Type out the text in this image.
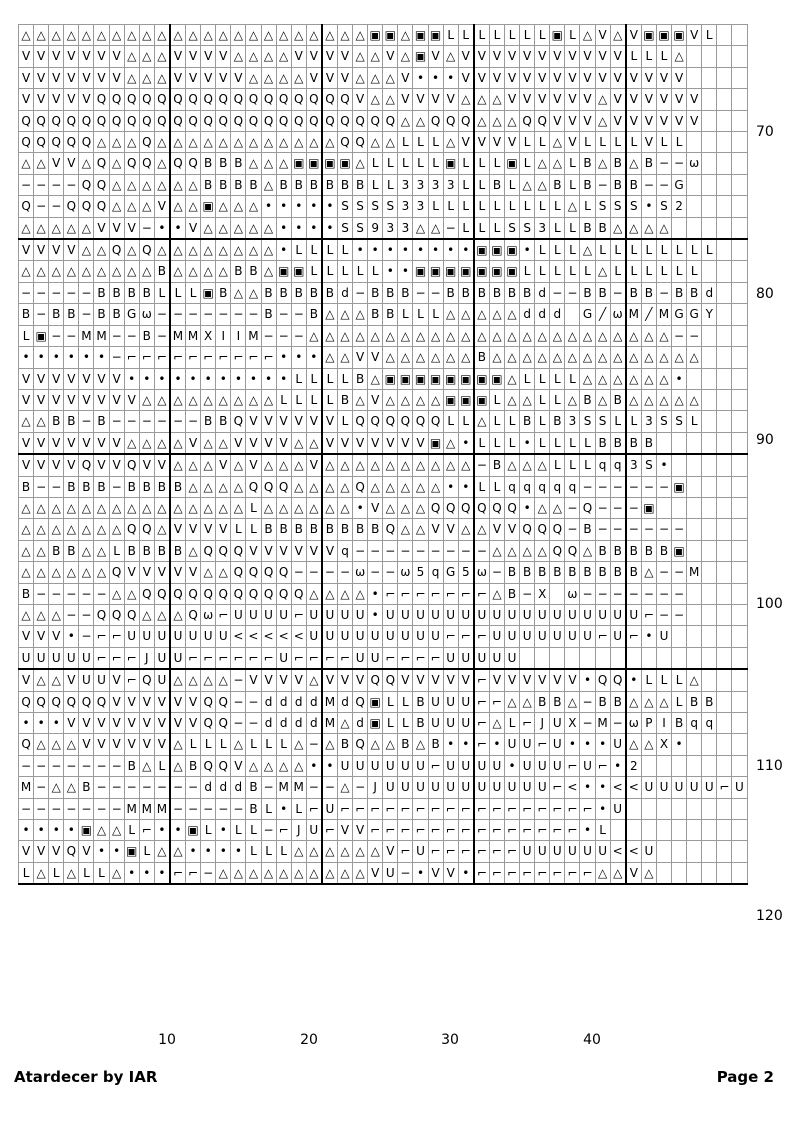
△	△	△	△	△	△	△	△	△	△	△	△	△	△	△	△	△	△	△	△	△	△	△	▣	▣	△	▣	▣	L	L	L	L	L	L	L	▣	L	△	V	△	V	▣	▣	▣	V	L		
V	V	V	V	V	V	V	△	△	△	V	V	V	V	△	△	△	△	V	V	V	V	△	△	V	△	▣	V	△	V	V	V	V	V	V	V	V	V	V	V	L	L	L	△				
V	V	V	V	V	V	V	△	△	△	V	V	V	V	V	△	△	△	△	V	V	V	△	△	△	V	•	•	•	V	V	V	V	V	V	V	V	V	V	V	V	V	V	V				
V	V	V	V	V	Q	Q	Q	Q	Q	Q	Q	Q	Q	Q	Q	Q	Q	Q	Q	Q	Q	V	△	△	V	V	V	V	△	△	△	V	V	V	V	V	V	△	V	V	V	V	V	V			
Q	Q	Q	Q	Q	Q	Q	Q	Q	Q	Q	Q	Q	Q	Q	Q	Q	Q	Q	Q	Q	Q	Q	Q	Q	△	△	Q	Q	Q	△	△	△	Q	Q	V	V	V	△	V	V	V	V	V	V			
Q	Q	Q	Q	Q	△	△	△	Q	△	△	△	△	△	△	△	△	△	△	△	△	Q	Q	△	△	L	L	L	△	V	V	V	V	L	L	△	V	L	L	L	L	V	L	L				
△	△	V	V	△	Q	△	Q	Q	△	Q	Q	B	B	B	△	△	△	▣	▣	▣	▣	△	L	L	L	L	L	▣	L	L	L	▣	L	△	△	L	B	△	B	△	B	−	−	ω			
−	−	−	−	Q	Q	△	△	△	△	△	△	B	B	B	B	△	B	B	B	B	B	B	L	L	3	3	3	3	L	L	B	L	△	△	B	L	B	−	B	B	−	−	G				
Q	−	−	Q	Q	Q	△	△	△	V	△	△	▣	△	△	△	•	•	•	•	•	S	S	S	S	3	3	L	L	L	L	L	L	L	L	L	△	L	S	S	S	•	S	2				
△	△	△	△	△	V	V	V	−	•	•	V	△	△	△	△	△	•	•	•	•	S	S	9	3	3	△	△	−	L	L	L	S	S	3	L	L	B	B	△	△	△	△					
V	V	V	V	△	△	Q	△	Q	△	△	△	△	△	△	△	△	•	L	L	L	L	•	•	•	•	•	•	•	•	▣	▣	▣	•	L	L	L	△	L	L	L	L	L	L	L	L		
△	△	△	△	△	△	△	△	△	B	△	△	△	△	B	B	△	▣	▣	L	L	L	L	L	•	•	▣	▣	▣	▣	▣	▣	▣	L	L	L	L	L	△	L	L	L	L	L	L			
−	−	−	−	−	B	B	B	B	L	L	L	▣	B	△	△	B	B	B	B	B	d	−	B	B	B	−	−	B	B	B	B	B	B	d	−	−	B	B	−	B	B	−	B	B	d		
B	−	B	B	−	B	B	G	ω	−	−	−	−	−	−	−	B	−	−	B	△	△	△	B	B	L	L	L	△	△	△	△	△	d	d	d		G	╱	ω	M	╱	M	G	G	Y		
L	▣	−	−	M	M	−	−	B	−	M	M	X	I	I	M	−	−	−	△	△	△	△	△	△	△	△	△	△	△	△	△	△	△	△	△	△	△	△	△	△	△	△	−	−			
•	•	•	•	•	•	−	⌐	⌐	⌐	⌐	⌐	⌐	⌐	⌐	⌐	⌐	•	•	•	△	△	V	V	△	△	△	△	△	△	B	△	△	△	△	△	△	△	△	△	△	△	△	△	△			
V	V	V	V	V	V	V	•	•	•	•	•	•	•	•	•	•	•	L	L	L	L	B	△	▣	▣	▣	▣	▣	▣	▣	▣	△	L	L	L	L	△	△	△	△	△	△	•				
V	V	V	V	V	V	V	V	△	△	△	△	△	△	△	△	△	L	L	L	L	B	△	V	△	△	△	△	▣	▣	▣	L	△	△	L	L	△	B	△	B	△	△	△	△	△			
△	△	B	B	−	B	−	−	−	−	−	−	B	B	Q	V	V	V	V	V	V	L	Q	Q	Q	Q	Q	Q	L	L	△	L	L	B	L	B	3	S	S	L	L	3	S	S	L			
V	V	V	V	V	V	V	△	△	△	△	V	△	△	V	V	V	V	△	△	V	V	V	V	V	V	V	▣	△	•	L	L	L	•	L	L	L	L	B	B	B	B						
V	V	V	V	Q	V	V	Q	V	V	△	△	△	V	△	V	△	△	△	V	△	△	△	△	△	△	△	△	△	△	−	B	△	△	△	L	L	L	q	q	3	S	•					
B	−	−	B	B	B	−	B	B	B	B	△	△	△	△	Q	Q	Q	△	△	△	△	Q	△	△	△	△	△	•	•	L	L	q	q	q	q	q	−	−	−	−	−	−	▣				
△	△	△	△	△	△	△	△	△	△	△	△	△	△	△	L	△	△	△	△	△	△	•	V	△	△	△	Q	Q	Q	Q	Q	Q	•	△	△	−	Q	−	−	−	▣						
△	△	△	△	△	△	△	Q	Q	△	V	V	V	V	L	L	B	B	B	B	B	B	B	B	Q	△	△	V	V	△	△	V	V	Q	Q	Q	−	B	−	−	−	−	−	−				
△	△	B	B	△	△	L	B	B	B	B	△	Q	Q	Q	V	V	V	V	V	V	q	−	−	−	−	−	−	−	−	−	△	△	△	△	Q	Q	△	B	B	B	B	B	▣				
△	△	△	△	△	△	Q	V	V	V	V	V	△	△	Q	Q	Q	Q	−	−	−	−	ω	−	−	ω	5	q	G	5	ω	−	B	B	B	B	B	B	B	B	B	△	−	−	M			
B	−	−	−	−	−	△	△	Q	Q	Q	Q	Q	Q	Q	Q	Q	Q	Q	△	△	△	△	•	⌐	⌐	⌐	⌐	⌐	⌐	⌐	△	B	−	X		ω	−	−	−	−	−	−	−				
△	△	△	−	−	Q	Q	Q	△	△	△	Q	ω	⌐	U	U	U	U	⌐	U	U	U	U	•	U	U	U	U	U	U	U	U	U	U	U	U	U	U	U	U	U	⌐	−	−				
V	V	V	•	−	⌐	⌐	U	U	U	U	U	U	U	<	<	<	<	<	U	U	U	U	U	U	U	U	U	⌐	⌐	⌐	U	U	U	U	U	U	U	⌐	U	⌐	•	U					
U	U	U	U	U	⌐	⌐	⌐	J	U	U	⌐	⌐	⌐	⌐	⌐	⌐	U	⌐	⌐	⌐	⌐	U	U	⌐	⌐	⌐	⌐	U	U	U	U	U															
V	△	△	V	U	U	V	⌐	Q	U	△	△	△	△	−	V	V	V	V	△	V	V	V	Q	Q	V	V	V	V	V	⌐	V	V	V	V	V	V	•	Q	Q	•	L	L	L	△			
Q	Q	Q	Q	Q	Q	V	V	V	V	V	V	Q	Q	−	−	d	d	d	d	M	d	Q	▣	L	L	B	U	U	U	⌐	⌐	△	△	B	B	△	−	B	B	△	△	△	L	B	B		
•	•	•	V	V	V	V	V	V	V	V	V	Q	Q	−	−	d	d	d	d	M	△	d	▣	L	L	B	U	U	U	⌐	△	L	⌐	J	U	X	−	M	−	ω	P	I	B	q	q		
Q	△	△	△	V	V	V	V	V	V	△	L	L	L	△	L	L	L	△	−	△	B	Q	△	△	B	△	B	•	•	⌐	•	U	U	⌐	U	•	•	•	U	△	△	X	•				
−	−	−	−	−	−	−	B	△	L	△	B	Q	Q	V	△	△	△	△	•	•	U	U	U	U	U	U	⌐	U	U	U	U	•	U	U	U	⌐	U	⌐	•	2							
M	−	△	△	B	−	−	−	−	−	−	−	d	d	d	B	−	M	M	−	−	△	−	J	U	U	U	U	U	U	U	U	U	U	U	⌐	<	•	•	<	<	U	U	U	U	U	⌐	U
−	−	−	−	−	−	−	M	M	M	−	−	−	−	−	B	L	•	L	⌐	U	⌐	⌐	⌐	⌐	⌐	⌐	⌐	⌐	⌐	⌐	⌐	⌐	⌐	⌐	⌐	⌐	⌐	•	U								
•	•	•	•	▣	△	△	L	⌐	•	•	▣	L	•	L	L	−	⌐	J	U	⌐	V	V	⌐	⌐	⌐	⌐	⌐	⌐	⌐	⌐	⌐	⌐	⌐	⌐	⌐	⌐	•	L									
V	V	V	Q	V	•	•	▣	L	△	△	•	•	•	•	L	L	L	△	△	△	△	△	△	V	⌐	U	⌐	⌐	⌐	⌐	⌐	⌐	U	U	U	U	U	U	<	<	U						
L	△	L	△	L	L	△	•	•	•	⌐	⌐	−	△	△	△	△	△	△	△	△	△	△	V	U	−	•	V	V	•	⌐	⌐	⌐	⌐	⌐	⌐	⌐	⌐	△	△	V	△						
70
80
90
100
110
120
10	20	30	40
Atardecer by IAR	Page 2
